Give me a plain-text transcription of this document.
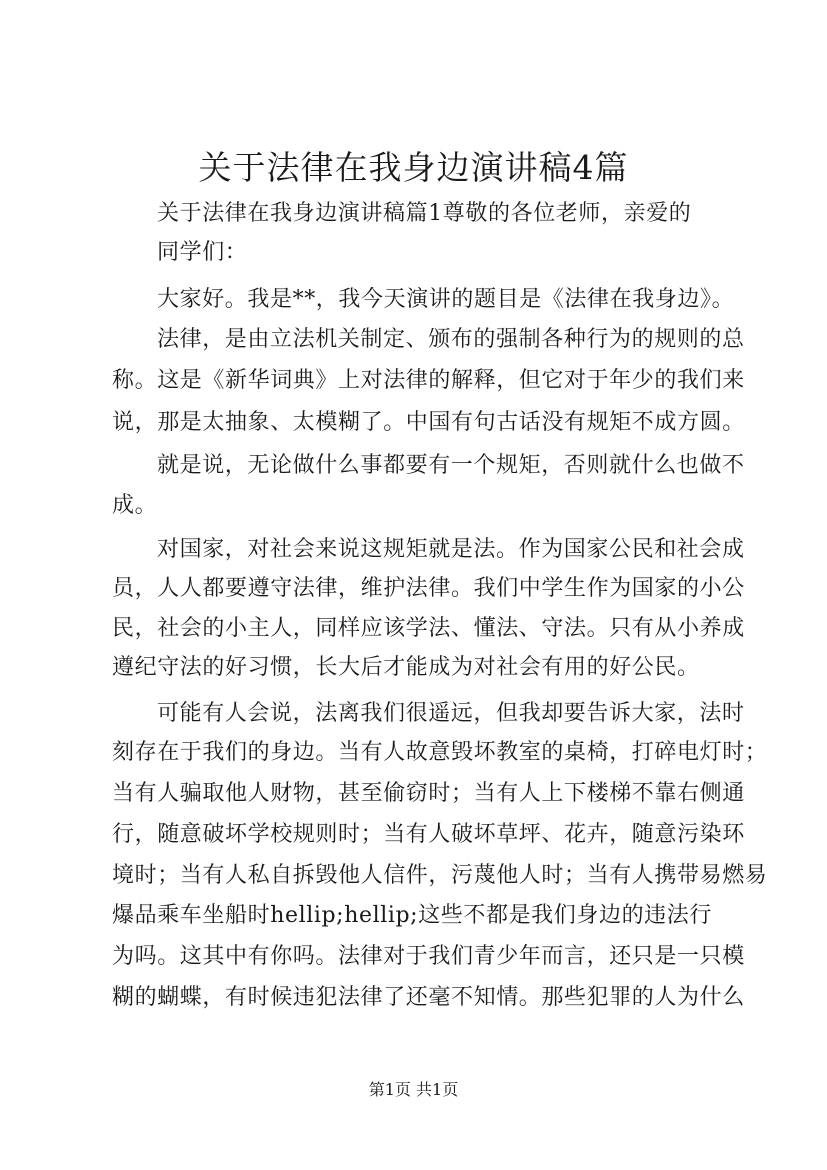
关于法律在我身边演讲稿4篇

关于法律在我身边演讲稿篇1尊敬的各位老师，亲爱的

同学们：

大家好。我是**，我今天演讲的题目是《法律在我身边》。

法律，是由立法机关制定、颁布的强制各种行为的规则的总

称。这是《新华词典》上对法律的解释，但它对于年少的我们来

说，那是太抽象、太模糊了。中国有句古话没有规矩不成方圆。

就是说，无论做什么事都要有一个规矩，否则就什么也做不

成。

对国家，对社会来说这规矩就是法。作为国家公民和社会成

员，人人都要遵守法律，维护法律。我们中学生作为国家的小公

民，社会的小主人，同样应该学法、懂法、守法。只有从小养成

遵纪守法的好习惯，长大后才能成为对社会有用的好公民。

可能有人会说，法离我们很遥远，但我却要告诉大家，法时

刻存在于我们的身边。当有人故意毁坏教室的桌椅，打碎电灯时；

当有人骗取他人财物，甚至偷窃时；当有人上下楼梯不靠右侧通

行，随意破坏学校规则时；当有人破坏草坪、花卉，随意污染环

境时；当有人私自拆毁他人信件，污蔑他人时；当有人携带易燃易

爆品乘车坐船时hellip;hellip;这些不都是我们身边的违法行

为吗。这其中有你吗。法律对于我们青少年而言，还只是一只模

糊的蝴蝶，有时候违犯法律了还毫不知情。那些犯罪的人为什么

第1页 共1页
